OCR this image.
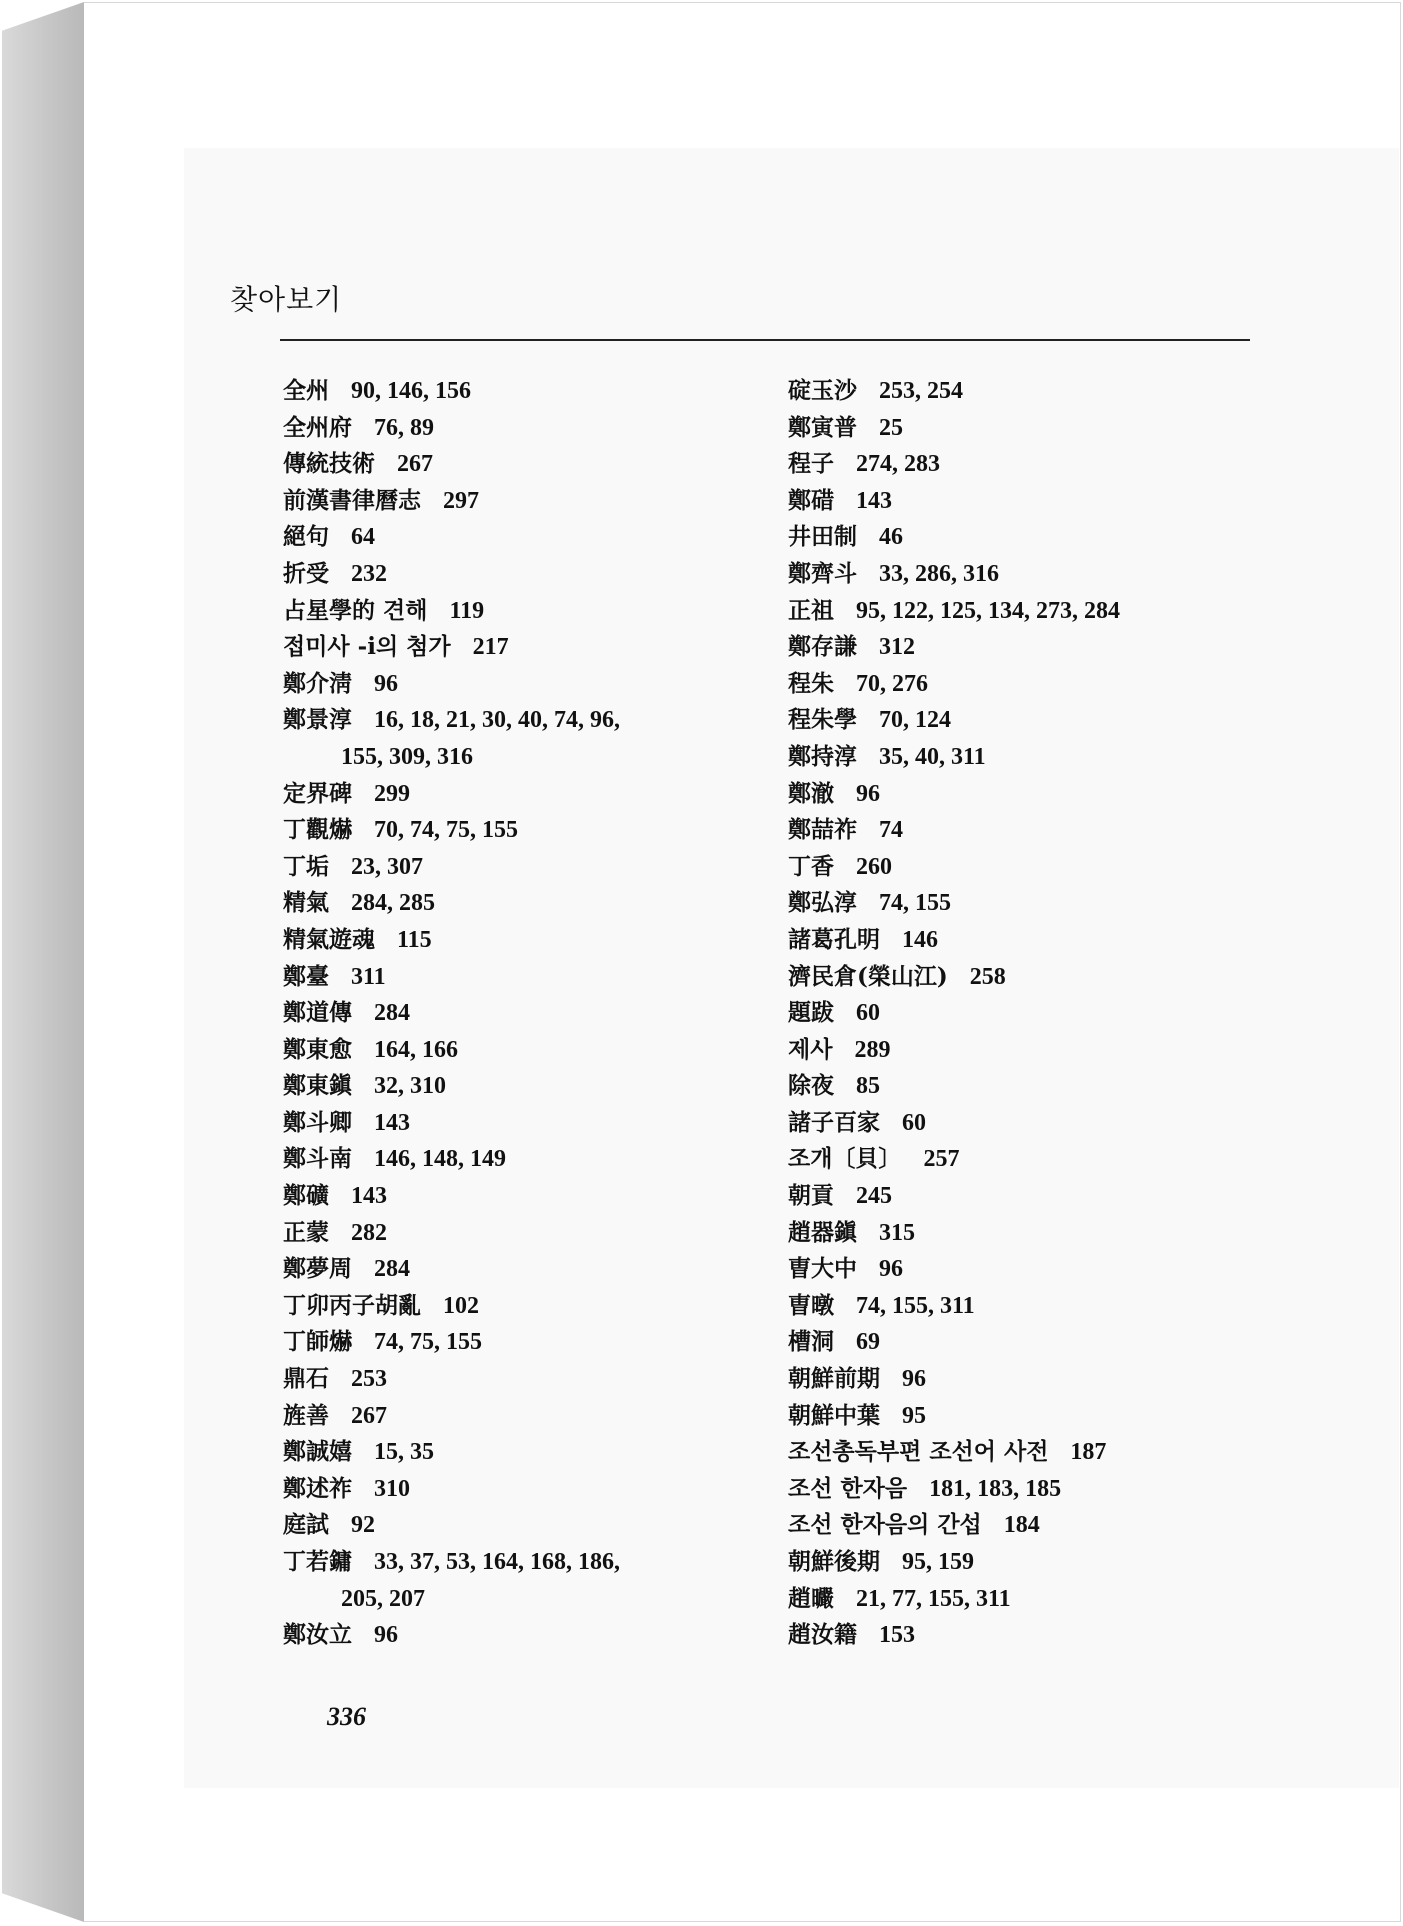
찾아보기
全州 90, 146, 156
全州府 76, 89
傳統技術 267
前漢書律曆志 297
絕句 64
折受 232
占星學的 견해 119
접미사 -i의 첨가 217
鄭介淸 96
鄭景淳 16, 18, 21, 30, 40, 74, 96,
155, 309, 316
定界碑 299
丁觀爀 70, 74, 75, 155
丁垢 23, 307
精氣 284, 285
精氣遊魂 115
鄭臺 311
鄭道傳 284
鄭東愈 164, 166
鄭東鎭 32, 310
鄭斗卿 143
鄭斗南 146, 148, 149
鄭礦 143
正蒙 282
鄭夢周 284
丁卯丙子胡亂 102
丁師爀 74, 75, 155
鼎石 253
旌善 267
鄭誠嬉 15, 35
鄭述祚 310
庭試 92
丁若鏞 33, 37, 53, 164, 168, 186,
205, 207
鄭汝立 96
碇玉沙 253, 254
鄭寅普 25
程子 274, 283
鄭碏 143
井田制 46
鄭齊斗 33, 286, 316
正祖 95, 122, 125, 134, 273, 284
鄭存謙 312
程朱 70, 276
程朱學 70, 124
鄭持淳 35, 40, 311
鄭澈 96
鄭喆祚 74
丁香 260
鄭弘淳 74, 155
諸葛孔明 146
濟民倉(榮山江) 258
題跋 60
제사 289
除夜 85
諸子百家 60
조개〔貝〕 257
朝貢 245
趙器鎭 315
曺大中 96
曺暾 74, 155, 311
槽洞 69
朝鮮前期 96
朝鮮中葉 95
조선총독부편 조선어 사전 187
조선 한자음 181, 183, 185
조선 한자음의 간섭 184
朝鮮後期 95, 159
趙曮 21, 77, 155, 311
趙汝籍 153
336
